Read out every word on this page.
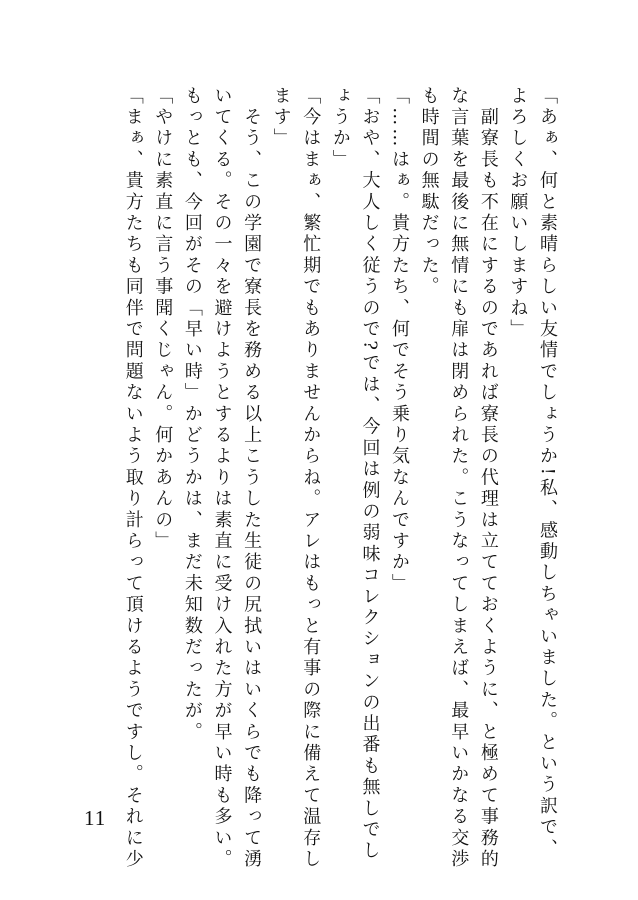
「あぁ、何と素晴らしい友情でしょうか!私、感動しちゃいました。という訳で、
よろしくお願いしますね」
　副寮長も不在にするのであれば寮長の代理は立てておくように、と極めて事務的
な言葉を最後に無情にも扉は閉められた。こうなってしまえば、最早いかなる交渉
も時間の無駄だった。
「……はぁ。貴方たち、何でそう乗り気なんですか」
「おや、大人しく従うので?では、今回は例の弱味コレクションの出番も無しでし
ょうか」
「今はまぁ、繁忙期でもありませんからね。アレはもっと有事の際に備えて温存し
ます」
　そう、この学園で寮長を務める以上こうした生徒の尻拭いはいくらでも降って湧
いてくる。その一々を避けようとするよりは素直に受け入れた方が早い時も多い。
もっとも、今回がその「早い時」かどうかは、まだ未知数だったが。
「やけに素直に言う事聞くじゃん。何かあんの」
「まぁ、貴方たちも同伴で問題ないよう取り計らって頂けるようですし。それに少
11
